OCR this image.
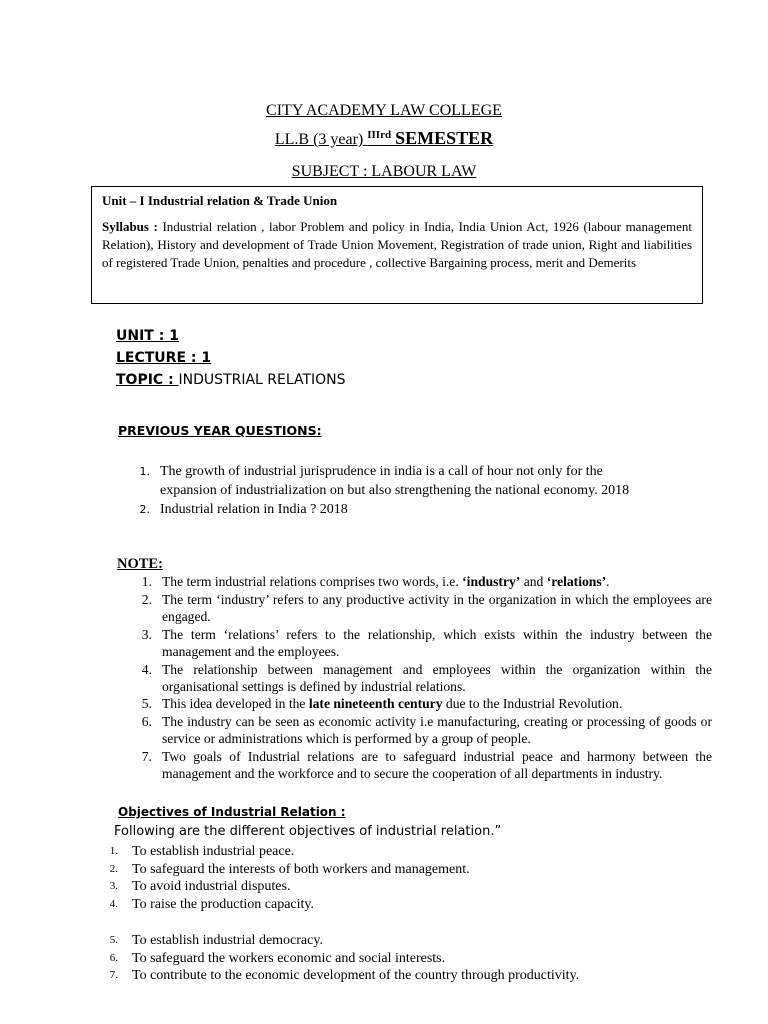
CITY ACADEMY LAW COLLEGE
LL.B (3 year) $^{IIIrd}$ SEMESTER
SUBJECT : LABOUR LAW
Unit – I Industrial relation & Trade Union
Syllabus : Industrial relation , labor Problem and policy in India, India Union Act, 1926 (labour management Relation), History and development of Trade Union Movement, Registration of trade union, Right and liabilities of registered Trade Union, penalties and procedure , collective Bargaining process, merit and Demerits
UNIT : 1
LECTURE : 1
TOPIC : INDUSTRIAL RELATIONS
PREVIOUS YEAR QUESTIONS:
1. The growth of industrial jurisprudence in india is a call of hour not only for the expansion of industrialization on but also strengthening the national economy. 2018
2. Industrial relation in India ? 2018
NOTE:
1. The term industrial relations comprises two words, i.e. ‘industry’ and ‘relations’.
2. The term ‘industry’ refers to any productive activity in the organization in which the employees are engaged.
3. The term ‘relations’ refers to the relationship, which exists within the industry between the management and the employees.
4. The relationship between management and employees within the organization within the organisational settings is defined by industrial relations.
5. This idea developed in the late nineteenth century due to the Industrial Revolution.
6. The industry can be seen as economic activity i.e manufacturing, creating or processing of goods or service or administrations which is performed by a group of people.
7. Two goals of Industrial relations are to safeguard industrial peace and harmony between the management and the workforce and to secure the cooperation of all departments in industry.
Objectives of Industrial Relation :
Following are the different objectives of industrial relation.”
1. To establish industrial peace.
2. To safeguard the interests of both workers and management.
3. To avoid industrial disputes.
4. To raise the production capacity.
5. To establish industrial democracy.
6. To safeguard the workers economic and social interests.
7. To contribute to the economic development of the country through productivity.
